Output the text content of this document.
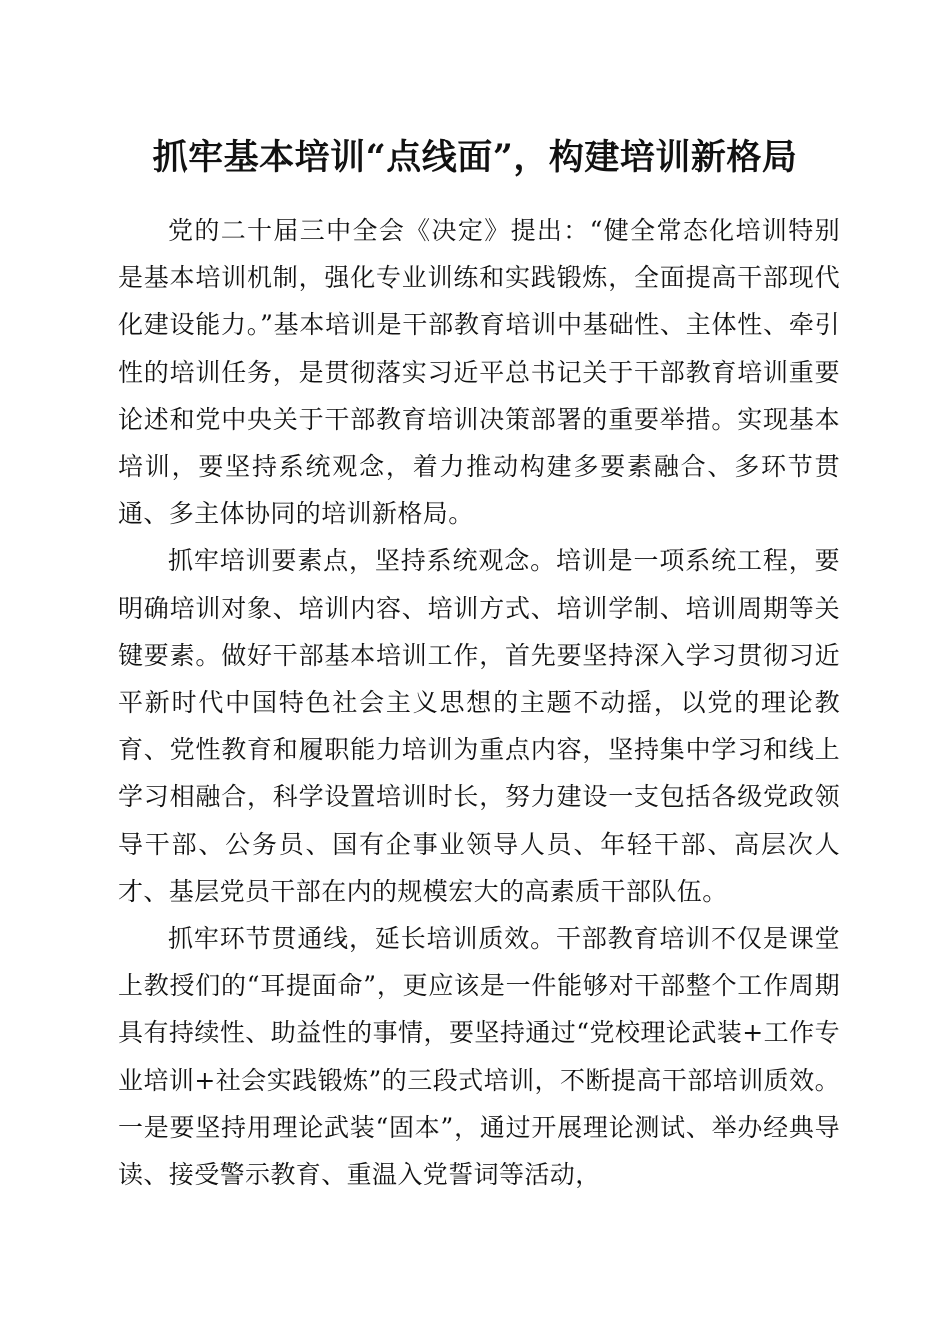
抓牢基本培训“点线面”，构建培训新格局

党的二十届三中全会《决定》提出：“健全常态化培训特别是基本培训机制，强化专业训练和实践锻炼，全面提高干部现代化建设能力。”基本培训是干部教育培训中基础性、主体性、牵引性的培训任务，是贯彻落实习近平总书记关于干部教育培训重要论述和党中央关于干部教育培训决策部署的重要举措。实现基本培训，要坚持系统观念，着力推动构建多要素融合、多环节贯通、多主体协同的培训新格局。

抓牢培训要素点，坚持系统观念。培训是一项系统工程，要明确培训对象、培训内容、培训方式、培训学制、培训周期等关键要素。做好干部基本培训工作，首先要坚持深入学习贯彻习近平新时代中国特色社会主义思想的主题不动摇，以党的理论教育、党性教育和履职能力培训为重点内容，坚持集中学习和线上学习相融合，科学设置培训时长，努力建设一支包括各级党政领导干部、公务员、国有企事业领导人员、年轻干部、高层次人才、基层党员干部在内的规模宏大的高素质干部队伍。

抓牢环节贯通线，延长培训质效。干部教育培训不仅是课堂上教授们的“耳提面命”，更应该是一件能够对干部整个工作周期具有持续性、助益性的事情，要坚持通过“党校理论武装+工作专业培训+社会实践锻炼”的三段式培训，不断提高干部培训质效。一是要坚持用理论武装“固本”，通过开展理论测试、举办经典导读、接受警示教育、重温入党誓词等活动，
